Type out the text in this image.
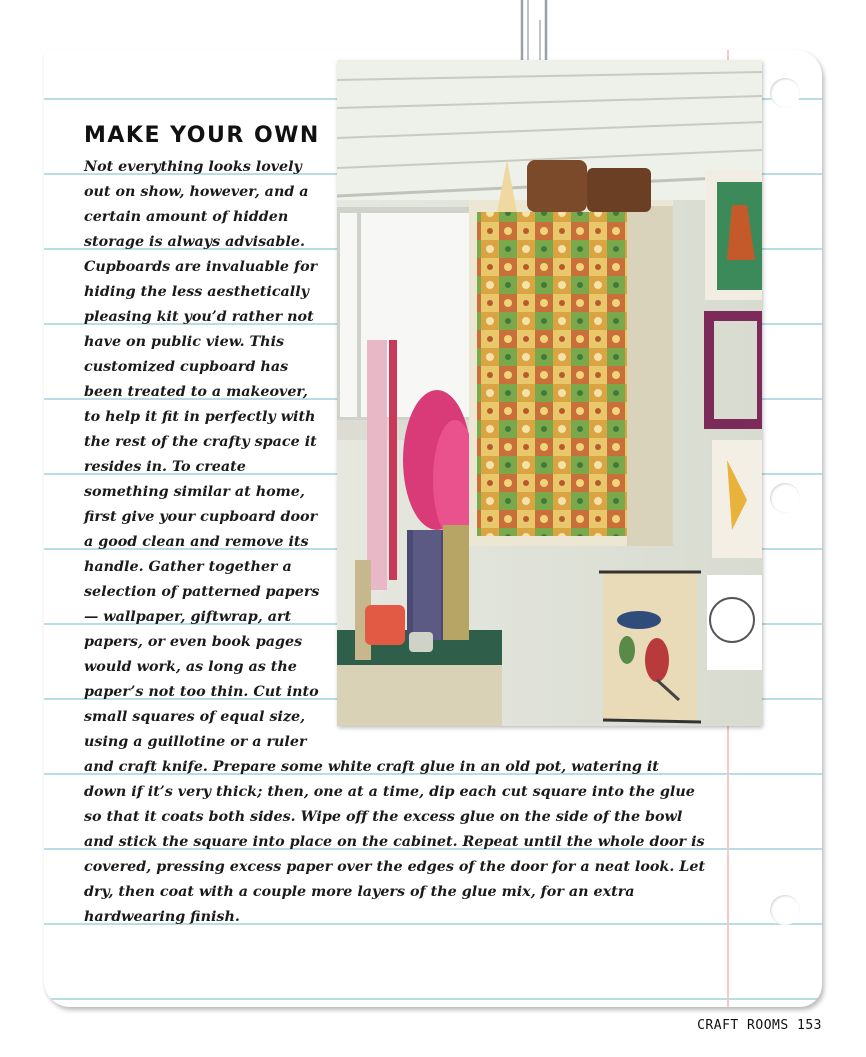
MAKE YOUR OWN

Not everything looks lovely
out on show, however, and a
certain amount of hidden
storage is always advisable.
Cupboards are invaluable for
hiding the less aesthetically
pleasing kit you’d rather not
have on public view. This
customized cupboard has
been treated to a makeover,
to help it fit in perfectly with
the rest of the crafty space it
resides in. To create
something similar at home,
first give your cupboard door
a good clean and remove its
handle. Gather together a
selection of patterned papers
— wallpaper, giftwrap, art
papers, or even book pages
would work, as long as the
paper’s not too thin. Cut into
small squares of equal size,
using a guillotine or a ruler
and craft knife. Prepare some white craft glue in an old pot, watering it
down if it’s very thick; then, one at a time, dip each cut square into the glue
so that it coats both sides. Wipe off the excess glue on the side of the bowl
and stick the square into place on the cabinet. Repeat until the whole door is
covered, pressing excess paper over the edges of the door for a neat look. Let
dry, then coat with a couple more layers of the glue mix, for an extra
hardwearing finish.

CRAFT ROOMS 153
